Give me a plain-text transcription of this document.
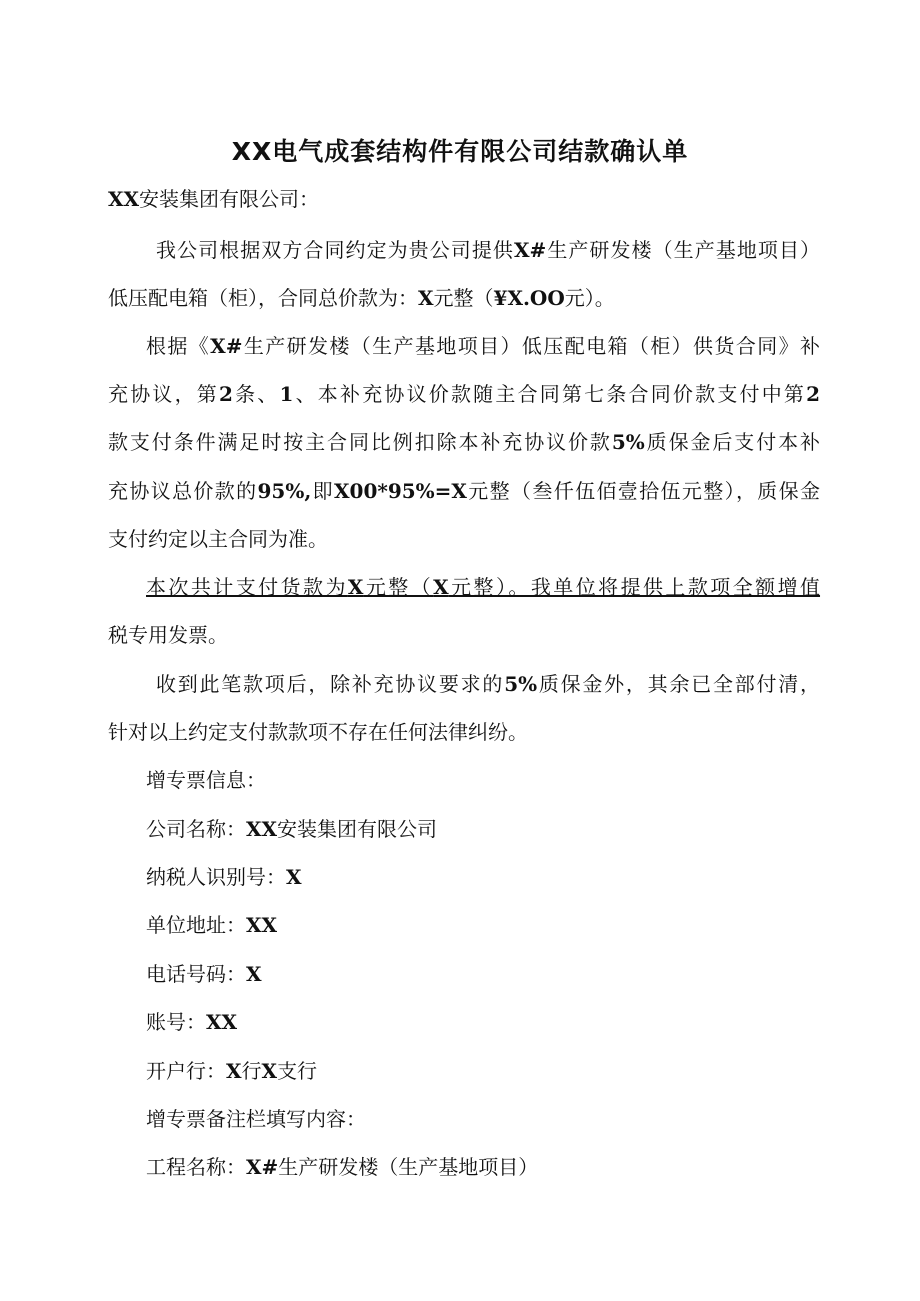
XX电气成套结构件有限公司结款确认单
XX安装集团有限公司：
我公司根据双方合同约定为贵公司提供X#生产研发楼（生产基地项目）
低压配电箱（柜），合同总价款为：X元整（¥X.OO元）。
根据《X#生产研发楼（生产基地项目）低压配电箱（柜）供货合同》补
充协议，第2条、1、本补充协议价款随主合同第七条合同价款支付中第2
款支付条件满足时按主合同比例扣除本补充协议价款5%质保金后支付本补
充协议总价款的95%,即X00*95%=X元整（叁仟伍佰壹拾伍元整），质保金
支付约定以主合同为准。
本次共计支付货款为X元整（X元整）。我单位将提供上款项全额增值
税专用发票。
收到此笔款项后，除补充协议要求的5%质保金外，其余已全部付清，
针对以上约定支付款款项不存在任何法律纠纷。
增专票信息：
公司名称：XX安装集团有限公司
纳税人识别号：X
单位地址：XX
电话号码：X
账号：XX
开户行：X行X支行
增专票备注栏填写内容：
工程名称：X#生产研发楼（生产基地项目）
